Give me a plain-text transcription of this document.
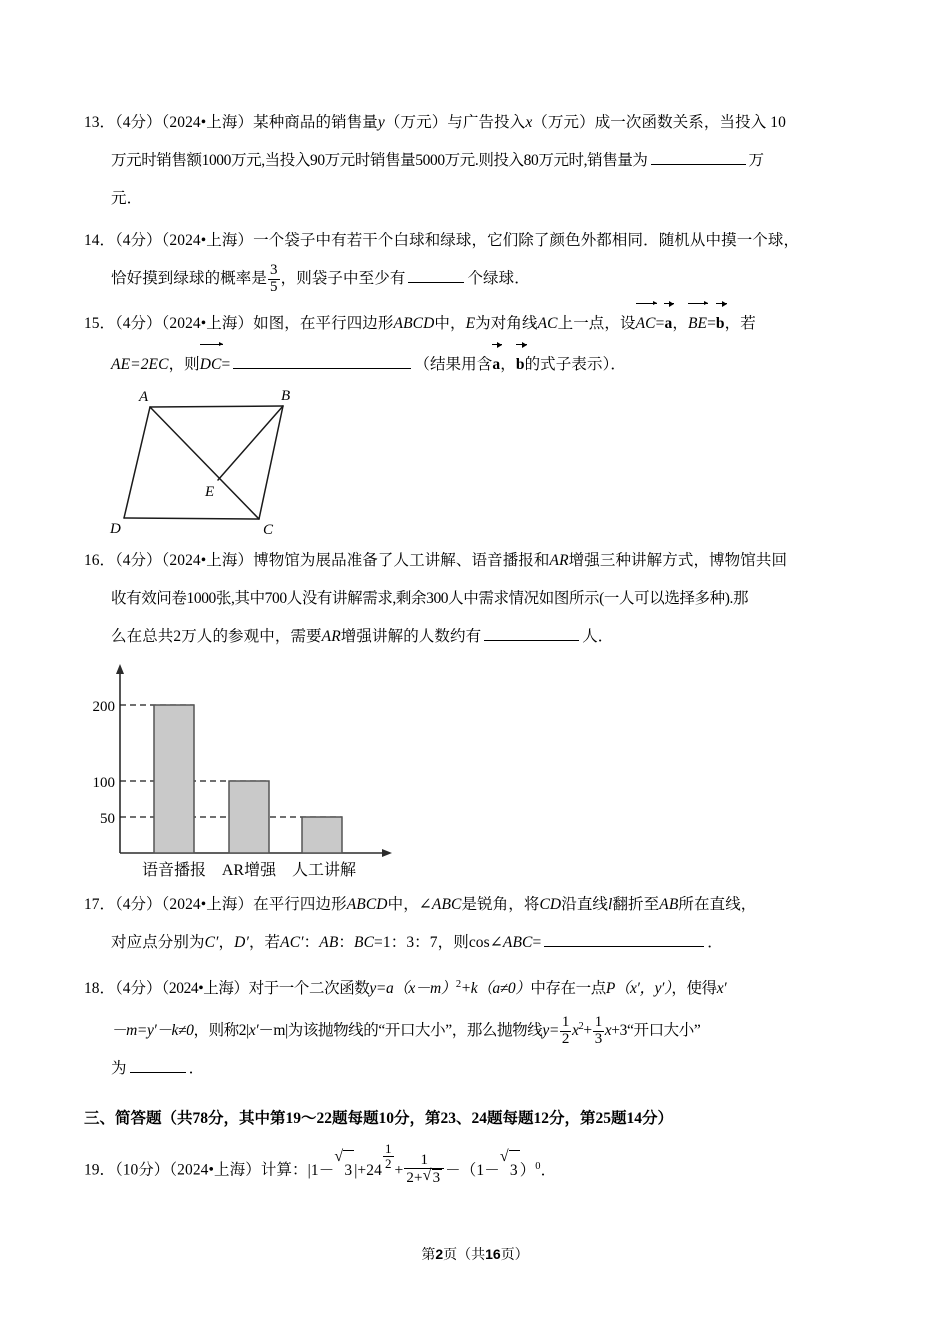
13．（4分）（2024•上海）某种商品的销售量y（万元）与广告投入x（万元）成一次函数关系，当投入 10
万元时销售额1000万元,当投入90万元时销售量5000万元.则投入80万元时,销售量为	万
元．
14．（4分）（2024•上海）一个袋子中有若干个白球和绿球，它们除了颜色外都相同．随机从中摸一个球，
恰好摸到绿球的概率是 $\frac{3}{5}$ ，则袋子中至少有	个绿球．
15．（4分）（2024•上海）如图，在平行四边形ABCD中，E为对角线AC上一点，设AC=a，BE=b，若
AE=2EC，则DC=	（结果用含a，b的式子表示）．
A	B
C
D
E
16．（4分）（2024•上海）博物馆为展品准备了人工讲解、语音播报和AR增强三种讲解方式，博物馆共回
收有效问卷1000张,其中700人没有讲解需求,剩余300人中需求情况如图所示(一人可以选择多种).那
么在总共2万人的参观中，需要AR增强讲解的人数约有	人．
200
100
50
语音播报 AR增强 人工讲解
17．（4分）（2024•上海）在平行四边形ABCD中，∠ABC是锐角，将CD沿直线l翻折至AB所在直线，
对应点分别为C′，D′，若AC′：AB：BC=1：3：7，则cos∠ABC=	．
18．（4分）（2024•上海）对于一个二次函数$y=a(x-m)^2+k(a\ne 0)$中存在一点P（x′，y′），使得x′
－m=y′－k≠0，则称2|x′－m|为该抛物线的“开口大小”，那么抛物线$y= \frac{1}{2} x^2+ \frac{1}{3}$ x+3“开口大小”
为	．
三、简答题（共78分，其中第19～22题每题10分，第23、24题每题12分，第25题14分）
19．（10分）（2024•上海）计算：|1－
√
3 |+24
$\frac{1}{2}$
+ $\frac{1}{2+ √ 3} -(1-$
√
3 ）$^0$．
第2页（共16页）
